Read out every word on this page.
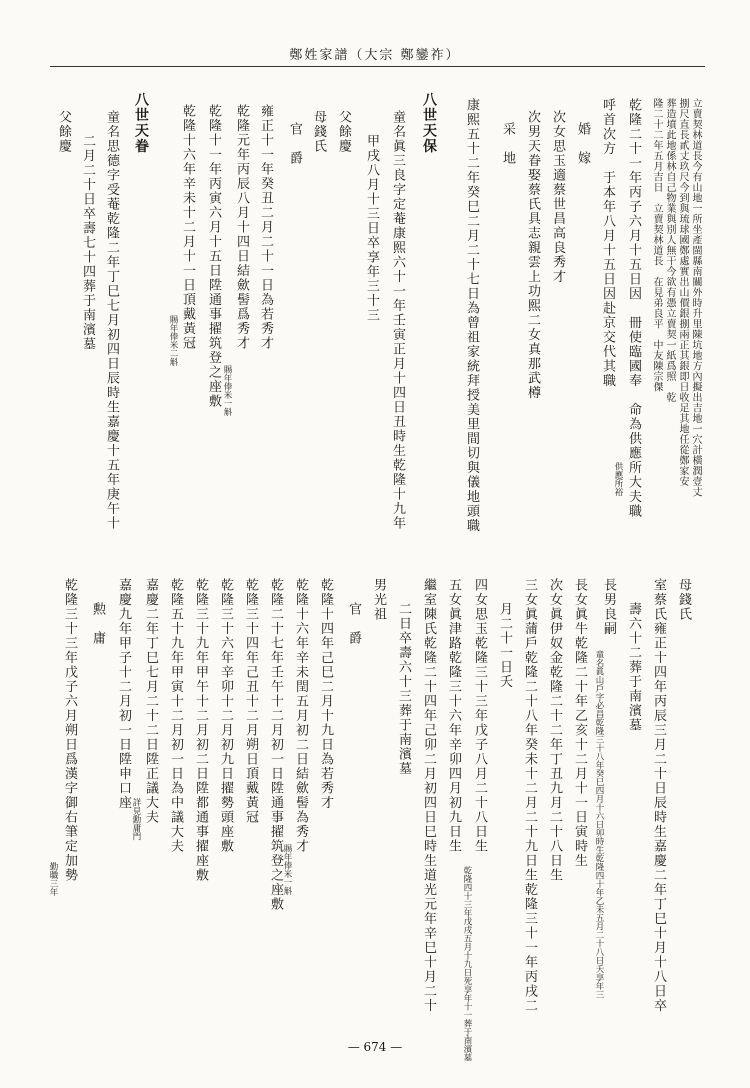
鄭姓家譜（大宗 鄭鑾祚）
立賣契林道長今有山地一所坐產閩縣南關外時升里陳坑地方內擬出吉地一穴計橫潤壹丈
捌尺直長貳丈玖尺今到與琉球國鄭處實出山價銀捌兩正其銀即日收足其地任從鄭家安
葬造墳此地係林自己物業與別人無干今欲有憑立賣契一紙爲照　乾
隆二十二年五月吉日　立賣契林道長　在見弟良平　中友陳宗傑
乾隆二十一年丙子六月十五日因　冊使臨國奉　命為供應所大夫職
供應所裕
呼首次方　于本年八月十五日因赴京交代其職
婚　嫁
次女思玉適蔡世昌高良秀才
次男天眷娶蔡氏具志親雲上功熙二女真那武樽
采　地
康熙五十二年癸巳二月二十七日為曾祖家統拜授美里間切與儀地頭職
八世天保
童名眞三良字定菴康熙六十一年壬寅正月十四日丑時生乾隆十九年
甲戌八月十三日卒享年三十三
父餘慶
母錢氏
官　爵
雍正十一年癸丑二月二十一日為若秀才
乾隆元年丙辰八月十四日結歛髻爲秀才
賜年俸米一斛
乾隆十一年丙寅六月十五日陞通事擢筑登之座敷
乾隆十六年辛未十二月十一日頂戴黃冠
賜年俸米二斛
八世天眷
童名思德字受菴乾隆二年丁巳七月初四日辰時生嘉慶十五年庚午十
二月二十日卒壽七十四葬于南濱墓
父餘慶
母錢氏
室蔡氏雍正十四年丙辰三月二十日辰時生嘉慶二年丁巳十月十八日卒
壽六十二葬于南濱墓
長男良嗣
童名眞山戶字必昌乾隆三十八年癸巳四月十六日卯時生乾隆四十年乙未五月二十八日夭享年三
長女眞牛乾隆二十年乙亥十二月十一日寅時生
次女眞伊奴金乾隆二十二年丁丑九月二十八日生
三女眞蒲戶乾隆二十八年癸未十二月二十九日生乾隆三十一年丙戌二
月二十一日夭
四女思玉乾隆三十三年戊子八月二十八日生
乾隆四十三年戊戌五月十九日死享年十一葬于南濱墓
五女眞津路乾隆三十六年辛卯四月初九日生
繼室陳氏乾隆二十四年己卯二月初四日巳時生道光元年辛巳十月二十
二日卒壽六十三葬于南濱墓
男光祖
官　爵
乾隆十四年己巳二月十九日為若秀才
乾隆十六年辛未閏五月初二日結歛髻為秀才
賜年俸米一斛
乾隆二十七年壬午十二月初一日陞通事擢筑登之座敷
乾隆三十四年己丑十二月朔日頂戴黃冠
乾隆三十六年辛卯十二月初九日擢勢頭座敷
乾隆三十九年甲午十二月初二日陞都通事擢座敷
乾隆五十九年甲寅十二月初一日為中議大夫
嘉慶二年丁巳七月二十二日陞正議大夫
詳見勳庸門
嘉慶九年甲子十二月初一日陞申口座
勲　庸
乾隆三十三年戊子六月朔日爲漢字御右筆定加勢
勤職三年
— 674 —
